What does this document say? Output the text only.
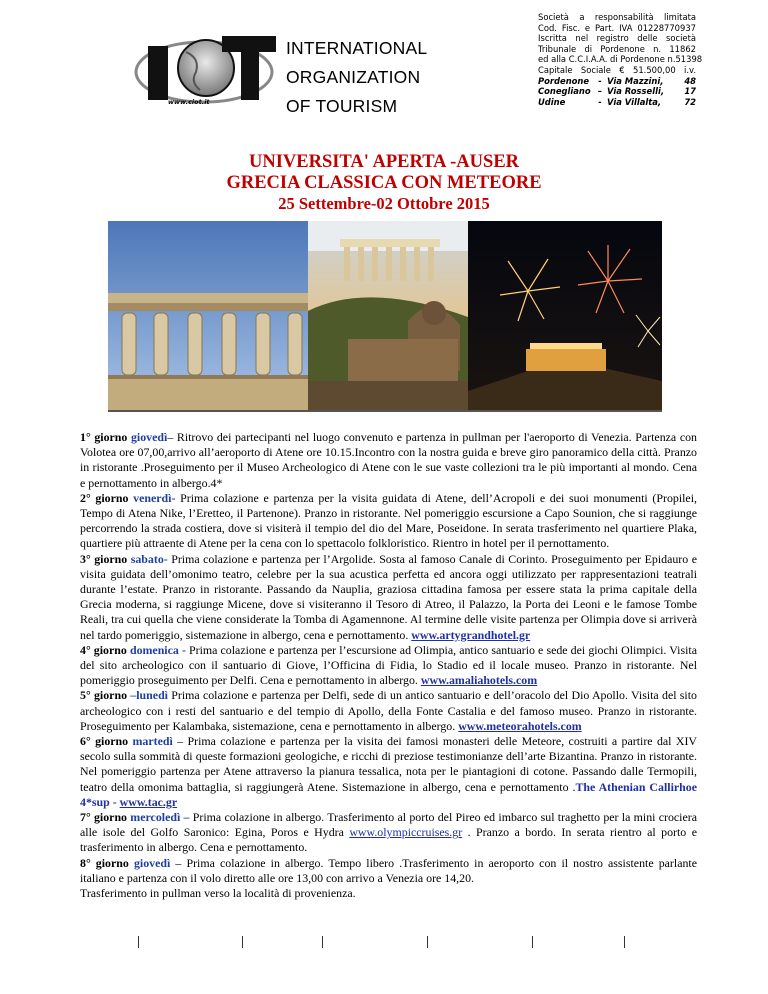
www.ciot.it
INTERNATIONAL
ORGANIZATION
OF TOURISM
Società a responsabilità limitata
Cod. Fisc. e Part. IVA 01228770937
Iscritta nel registro delle società
Tribunale di Pordenone n. 11862
ed alla C.C.I.A.A. di Pordenone n.51398
Capitale Sociale € 51.500,00 i.v.
Pordenone	- Via Mazzini,	48
Conegliano – Via Rosselli,	17
Udine	- Via Villalta,	72
UNIVERSITA' APERTA -AUSER
GRECIA CLASSICA CON METEORE
25 Settembre-02 Ottobre 2015

1° giorno giovedì– Ritrovo dei partecipanti nel luogo convenuto e partenza in pullman per l'aeroporto di Venezia. Partenza con Volotea ore 07,00,arrivo all’aeroporto di Atene ore 10.15.Incontro con la nostra guida e breve giro panoramico della città. Pranzo in ristorante .Proseguimento per il Museo Archeologico di Atene con le sue vaste collezioni tra le più importanti al mondo. Cena e pernottamento in albergo.4*

2° giorno venerdì- Prima colazione e partenza per la visita guidata di Atene, dell’Acropoli e dei suoi monumenti (Propilei, Tempo di Atena Nike, l’Eretteo, il Partenone). Pranzo in ristorante. Nel pomeriggio escursione a Capo Sounion, che si raggiunge percorrendo la strada costiera, dove si visiterà il tempio del dio del Mare, Poseidone. In serata trasferimento nel quartiere Plaka, quartiere più attraente di Atene per la cena con lo spettacolo folkloristico. Rientro in hotel per il pernottamento.

3° giorno sabato- Prima colazione e partenza per l’Argolide. Sosta al famoso Canale di Corinto. Proseguimento per Epidauro e visita guidata dell’omonimo teatro, celebre per la sua acustica perfetta ed ancora oggi utilizzato per rappresentazioni teatrali durante l’estate. Pranzo in ristorante. Passando da Nauplia, graziosa cittadina famosa per essere stata la prima capitale della Grecia moderna, si raggiunge Micene, dove si visiteranno il Tesoro di Atreo, il Palazzo, la Porta dei Leoni e le famose Tombe Reali, tra cui quella che viene considerate la Tomba di Agamennone. Al termine delle visite partenza per Olimpia dove si arriverà nel tardo pomeriggio, sistemazione in albergo, cena e pernottamento. www.artygrandhotel.gr

4° giorno domenica - Prima colazione e partenza per l’escursione ad Olimpia, antico santuario e sede dei giochi Olimpici. Visita del sito archeologico con il santuario di Giove, l’Officina di Fidia, lo Stadio ed il locale museo. Pranzo in ristorante. Nel pomeriggio proseguimento per Delfi. Cena e pernottamento in albergo. www.amaliahotels.com

5° giorno –lunedì Prima colazione e partenza per Delfi, sede di un antico santuario e dell’oracolo del Dio Apollo. Visita del sito archeologico con i resti del santuario e del tempio di Apollo, della Fonte Castalia e del famoso museo. Pranzo in ristorante. Proseguimento per Kalambaka, sistemazione, cena e pernottamento in albergo. www.meteorahotels.com

6° giorno martedì – Prima colazione e partenza per la visita dei famosi monasteri delle Meteore, costruiti a partire dal XIV secolo sulla sommità di queste formazioni geologiche, e ricchi di preziose testimonianze dell’arte Bizantina. Pranzo in ristorante. Nel pomeriggio partenza per Atene attraverso la pianura tessalica, nota per le piantagioni di cotone. Passando dalle Termopili, teatro della omonima battaglia, si raggiungerà Atene. Sistemazione in albergo, cena e pernottamento .The Athenian Callirhoe 4*sup - www.tac.gr

7° giorno mercoledì – Prima colazione in albergo. Trasferimento al porto del Pireo ed imbarco sul traghetto per la mini crociera alle isole del Golfo Saronico: Egina, Poros e Hydra www.olympiccruises.gr . Pranzo a bordo. In serata rientro al porto e trasferimento in albergo. Cena e pernottamento.

8° giorno giovedì – Prima colazione in albergo. Tempo libero .Trasferimento in aeroporto con il nostro assistente parlante italiano e partenza con il volo diretto alle ore 13,00 con arrivo a Venezia ore 14,20.

Trasferimento in pullman verso la località di provenienza.
